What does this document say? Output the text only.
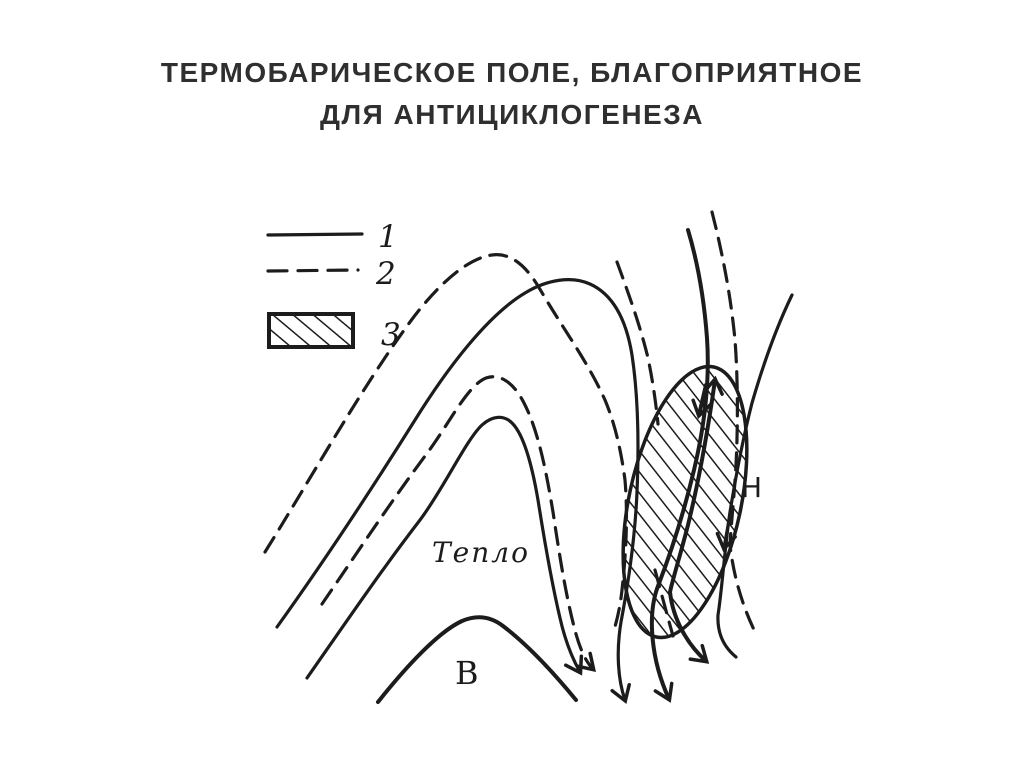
ТЕРМОБАРИЧЕСКОЕ ПОЛЕ, БЛАГОПРИЯТНОЕ
ДЛЯ АНТИЦИКЛОГЕНЕЗА
1
2
3
Тепло
В
Н
